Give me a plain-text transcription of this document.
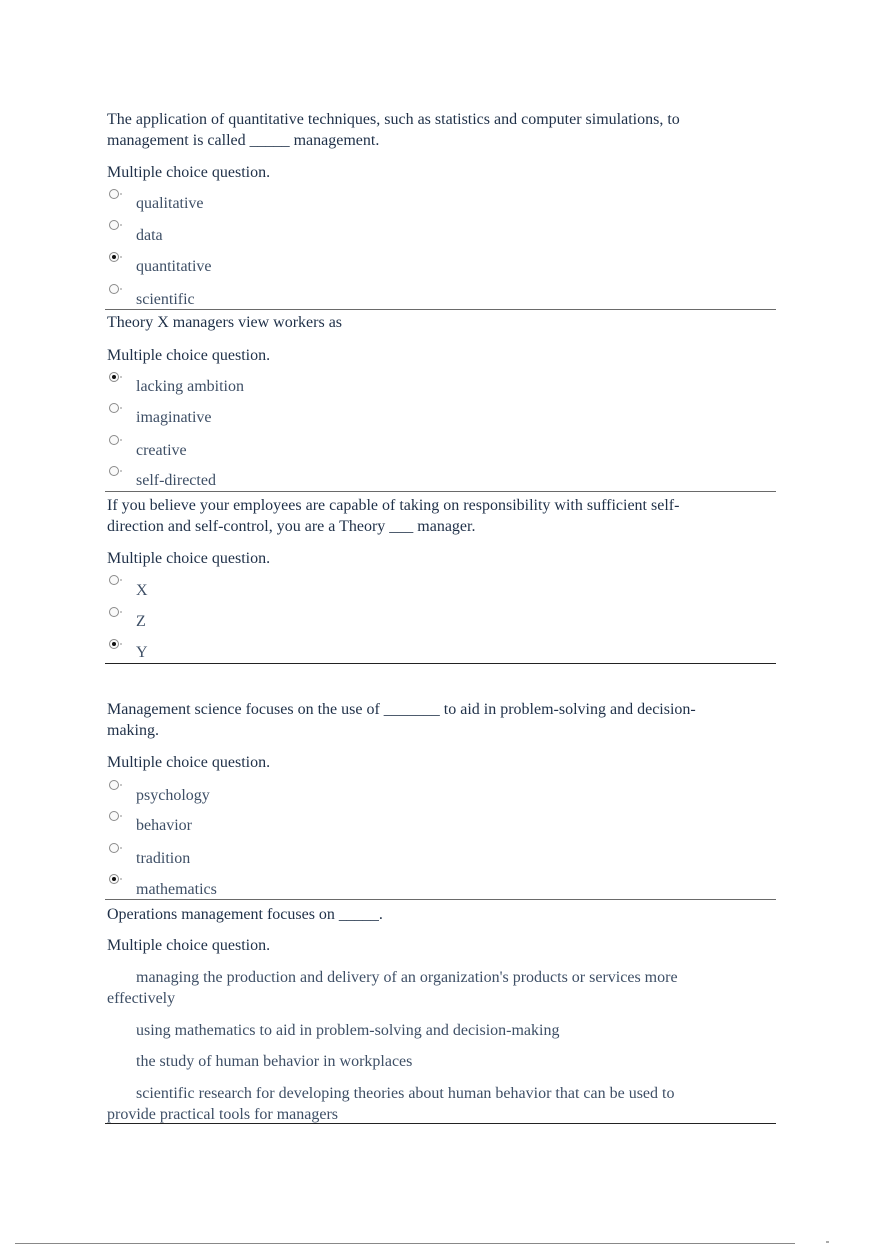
The application of quantitative techniques, such as statistics and computer simulations, to management is called _____ management.
Multiple choice question.
qualitative
data
quantitative
scientific
Theory X managers view workers as
Multiple choice question.
lacking ambition
imaginative
creative
self-directed
If you believe your employees are capable of taking on responsibility with sufficient self-direction and self-control, you are a Theory ___ manager.
Multiple choice question.
X
Z
Y
Management science focuses on the use of _______ to aid in problem-solving and decision-making.
Multiple choice question.
psychology
behavior
tradition
mathematics
Operations management focuses on _____.
Multiple choice question.
managing the production and delivery of an organization's products or services more effectively
using mathematics to aid in problem-solving and decision-making
the study of human behavior in workplaces
scientific research for developing theories about human behavior that can be used to provide practical tools for managers
